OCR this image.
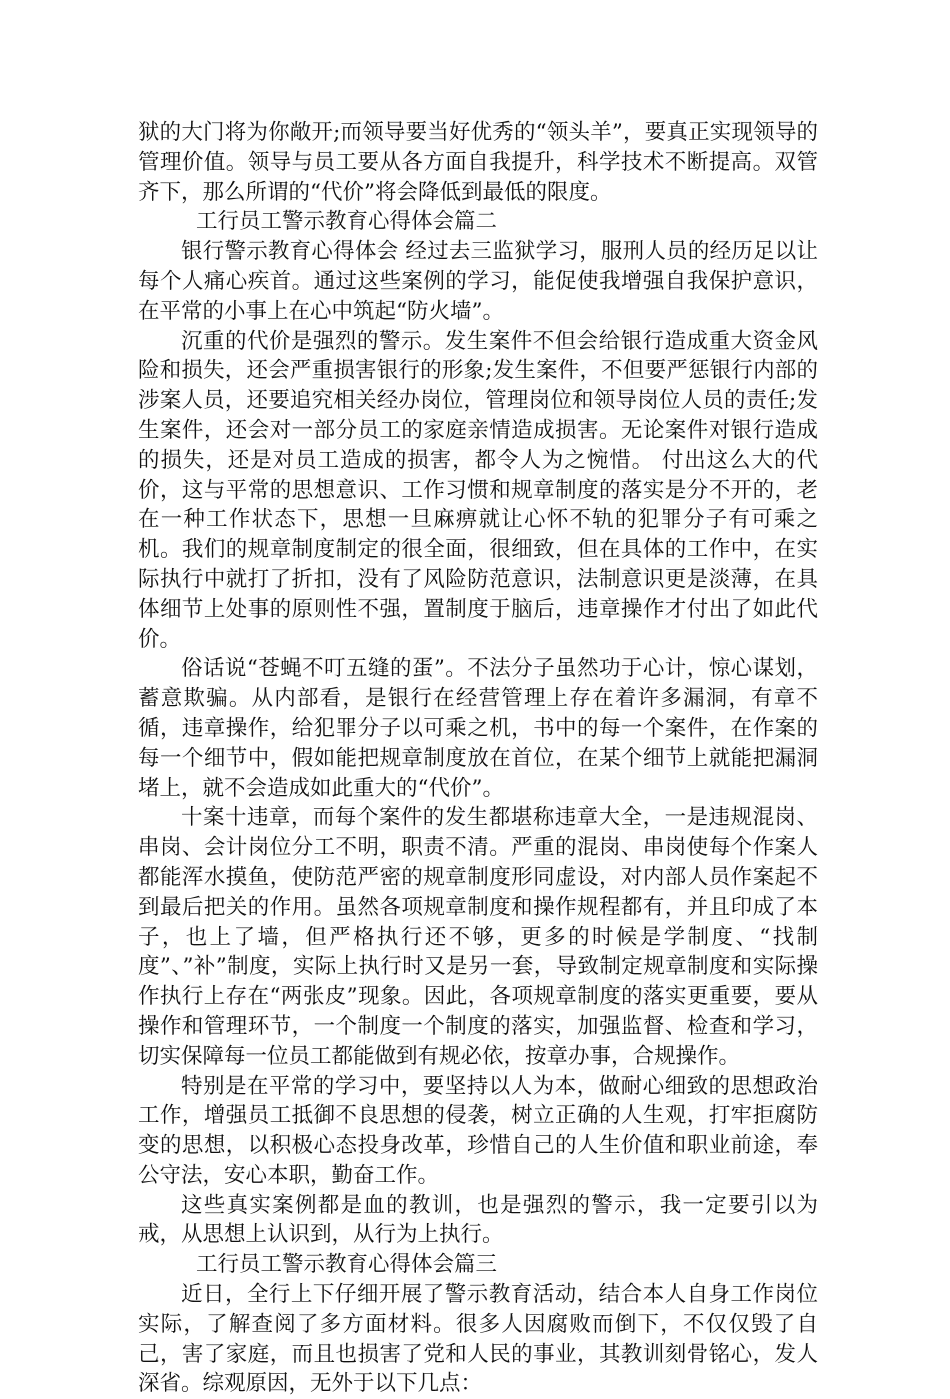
狱的大门将为你敞开;而领导要当好优秀的“领头羊”，要真正实现领导的管理价值。领导与员工要从各方面自我提升，科学技术不断提高。双管齐下，那么所谓的“代价”将会降低到最低的限度。

工行员工警示教育心得体会篇二

银行警示教育心得体会 经过去三监狱学习，服刑人员的经历足以让每个人痛心疾首。通过这些案例的学习，能促使我增强自我保护意识，在平常的小事上在心中筑起“防火墙”。

沉重的代价是强烈的警示。发生案件不但会给银行造成重大资金风险和损失，还会严重损害银行的形象;发生案件，不但要严惩银行内部的涉案人员，还要追究相关经办岗位，管理岗位和领导岗位人员的责任;发生案件，还会对一部分员工的家庭亲情造成损害。无论案件对银行造成的损失，还是对员工造成的损害，都令人为之惋惜。 付出这么大的代价，这与平常的思想意识、工作习惯和规章制度的落实是分不开的，老在一种工作状态下，思想一旦麻痹就让心怀不轨的犯罪分子有可乘之机。我们的规章制度制定的很全面，很细致，但在具体的工作中，在实际执行中就打了折扣，没有了风险防范意识，法制意识更是淡薄，在具体细节上处事的原则性不强，置制度于脑后，违章操作才付出了如此代价。

俗话说“苍蝇不叮五缝的蛋”。不法分子虽然功于心计，惊心谋划，蓄意欺骗。从内部看，是银行在经营管理上存在着许多漏洞，有章不循，违章操作，给犯罪分子以可乘之机，书中的每一个案件，在作案的每一个细节中，假如能把规章制度放在首位，在某个细节上就能把漏洞堵上，就不会造成如此重大的“代价”。

十案十违章，而每个案件的发生都堪称违章大全，一是违规混岗、串岗、会计岗位分工不明，职责不清。严重的混岗、串岗使每个作案人都能浑水摸鱼，使防范严密的规章制度形同虚设，对内部人员作案起不到最后把关的作用。虽然各项规章制度和操作规程都有，并且印成了本子，也上了墙，但严格执行还不够，更多的时候是学制度、“找制度”、”补”制度，实际上执行时又是另一套，导致制定规章制度和实际操作执行上存在“两张皮”现象。因此，各项规章制度的落实更重要，要从操作和管理环节，一个制度一个制度的落实，加强监督、检查和学习，切实保障每一位员工都能做到有规必依，按章办事，合规操作。

特别是在平常的学习中，要坚持以人为本，做耐心细致的思想政治工作，增强员工抵御不良思想的侵袭，树立正确的人生观，打牢拒腐防变的思想，以积极心态投身改革，珍惜自己的人生价值和职业前途，奉公守法，安心本职，勤奋工作。

这些真实案例都是血的教训，也是强烈的警示，我一定要引以为戒，从思想上认识到，从行为上执行。

工行员工警示教育心得体会篇三

近日，全行上下仔细开展了警示教育活动，结合本人自身工作岗位实际，了解查阅了多方面材料。很多人因腐败而倒下，不仅仅毁了自己，害了家庭，而且也损害了党和人民的事业，其教训刻骨铭心，发人深省。综观原因，无外于以下几点：
